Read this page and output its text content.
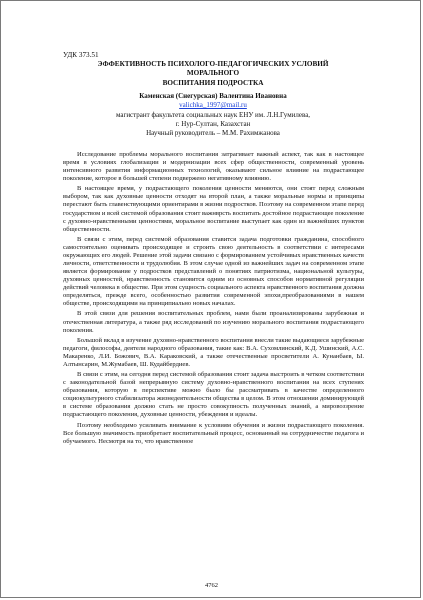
УДК 373.51
ЭФФЕКТИВНОСТЬ ПСИХОЛОГО-ПЕДАГОГИЧЕСКИХ УСЛОВИЙ
МОРАЛЬНОГО
ВОСПИТАНИЯ ПОДРОСТКА
Каменская (Снегурская) Валентина Ивановна
valichka_1997@mail.ru
магистрант факультета социальных наук ЕНУ им. Л.Н.Гумилева,
г. Нур-Султан, Казахстан
Научный руководитель – М.М. Рахимжанова

Исследование проблемы морального воспитания затрагивает важный аспект, так как в настоящее время в условиях глобализации и модернизации всех сфер общественности, современный уровень интенсивного развития информационных технологий, оказывают сильное влияние на подрастающее поколение, которое в большей степени подвержено негативному влиянию.

В настоящее время, у подрастающего поколения ценности меняются, они стоят перед сложным выбором, так как духовные ценности отходят на второй план, а также моральные нормы и принципы перестают быть главенствующими ориентирами в жизни подростков. Поэтому на современном этапе перед государством и всей системой образования стоит важнврсть воспитать достойное подрастающее поколение с духовно-нравственными ценностями, моральное воспитание выступает как один из важнейших пунктов общественности.

В связи с этим, перед системой образования ставится задача подготовки гражданина, способного самостоятельно оценивать происходящее и строить свою деятельность в соответствии с интересами окружающих его людей. Решение этой задачи связано с формированием устойчивых нравственных качеств личности, ответственности и трудолюбия. В этом случае одной из важнейших задач на современном этапе является формирование у подростков представлений о понятиях патриотизма, национальной культуры, духовных ценностей, нравственность становится одним из основных способов нормативной регуляции действий человека в обществе. При этом сущность социального аспекта нравственного воспитания должна определяться, прежде всего, особенностью развития современной эпохи,преобразованиями в нашем обществе, происходящими на принципиально новых началах.

В этой связи для решения воспитательных проблем, нами были проанализированы зарубежная и отечественная литература, а также ряд исследований по изучению морального воспитания подрастающего поколения.

Большой вклад в изучение духовно-нравственного воспитания внесли такие выдающиеся зарубежные педагоги, философы, деятели народного образования, такие как: В.А. Сухомлинский, К.Д. Ушинский, А.С. Макаренко, Л.И. Божович, В.А. Караковский, а также отечественные просветители А. Кунанбаев, Ы. Алтынсарин, М.Жумабаев, Ш. Кудайбердиев.

В связи с этим, на сегодня перед системой образования стоит задача выстроить в четком соответствии с законодательной базой непрерывную систему духовно-нравственного воспитания на всех ступенях образования, которую в перспективе можно было бы рассматривать в качестве определенного социокультурного стабилизатора жизнедеятельности общества в целом. В этом отношении доминирующей в системе образования должно стать не просто совокупность полученных знаний, а мировоззрение подрастающего поколения, духовные ценности, убеждения и идеалы.

Поэтому необходимо усиливать внимание к условиям обучения и жизни подрастающего поколения. Все большую значимость приобретает воспитательный процесс, основанный на сотрудничестве педагога и обучаемого. Несмотря на то, что нравственное

4762
